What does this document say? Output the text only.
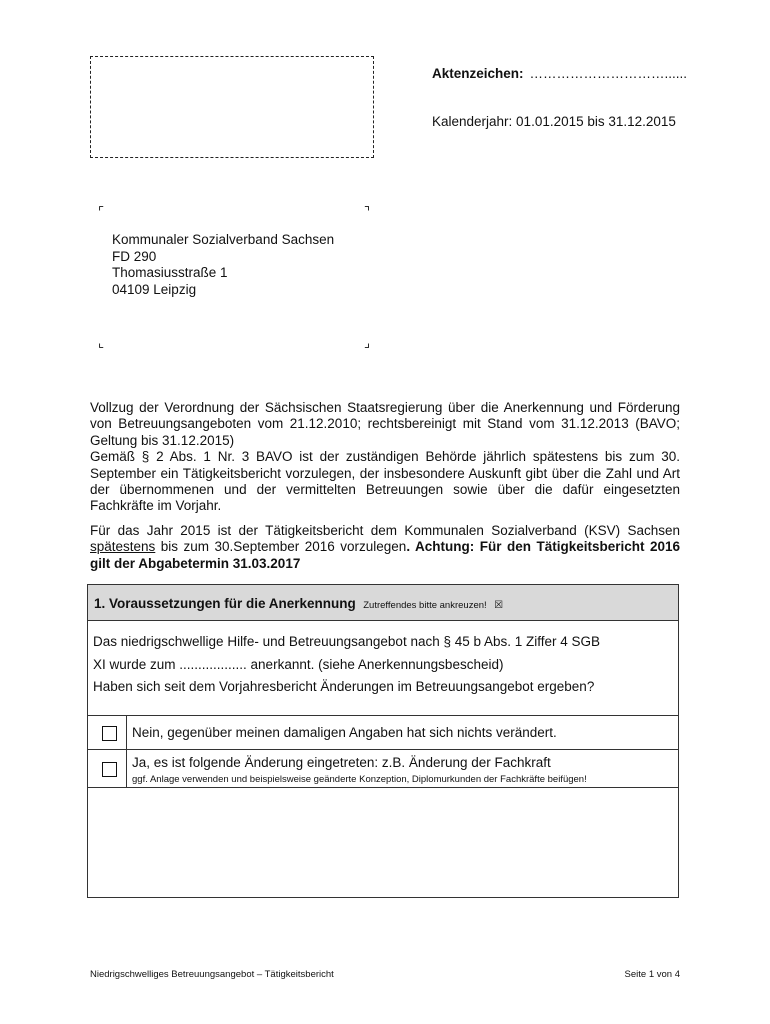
Aktenzeichen: …………………………......
Kalenderjahr: 01.01.2015 bis 31.12.2015
⌜	⌝
⌞	⌟
Kommunaler Sozialverband Sachsen
FD 290
Thomasiusstraße 1
04109 Leipzig
Vollzug der Verordnung der Sächsischen Staatsregierung über die Anerkennung und Förderung von Betreuungsangeboten vom 21.12.2010; rechtsbereinigt mit Stand vom 31.12.2013 (BAVO; Geltung bis 31.12.2015)
Gemäß § 2 Abs. 1 Nr. 3 BAVO ist der zuständigen Behörde jährlich spätestens bis zum 30. September ein Tätigkeitsbericht vorzulegen, der insbesondere Auskunft gibt über die Zahl und Art der übernommenen und der vermittelten Betreuungen sowie über die dafür eingesetzten Fachkräfte im Vorjahr.

Für das Jahr 2015 ist der Tätigkeitsbericht dem Kommunalen Sozialverband (KSV) Sachsen spätestens bis zum 30.September 2016 vorzulegen. Achtung: Für den Tätigkeitsbericht 2016 gilt der Abgabetermin 31.03.2017

1. Voraussetzungen für die Anerkennung Zutreffendes bitte ankreuzen! ☒
Das niedrigschwellige Hilfe- und Betreuungsangebot nach § 45 b Abs. 1 Ziffer 4 SGB
XI wurde zum .................. anerkannt. (siehe Anerkennungsbescheid)
Haben sich seit dem Vorjahresbericht Änderungen im Betreuungsangebot ergeben?
Nein, gegenüber meinen damaligen Angaben hat sich nichts verändert.
Ja, es ist folgende Änderung eingetreten: z.B. Änderung der Fachkraft
ggf. Anlage verwenden und beispielsweise geänderte Konzeption, Diplomurkunden der Fachkräfte beifügen!
Niedrigschwelliges Betreuungsangebot – Tätigkeitsbericht	Seite 1 von 4
